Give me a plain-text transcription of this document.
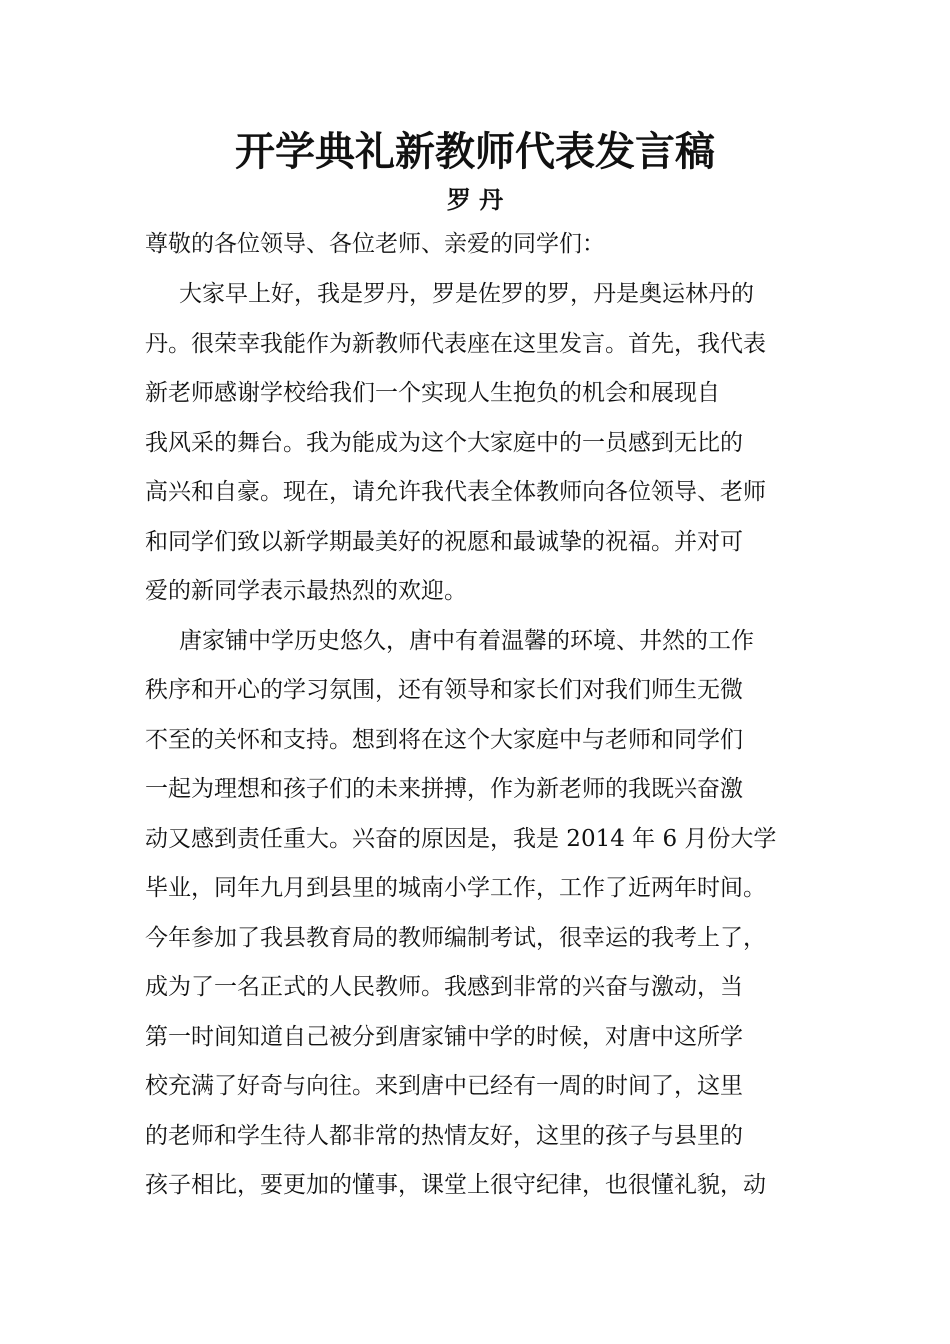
开学典礼新教师代表发言稿
罗 丹
尊敬的各位领导、各位老师、亲爱的同学们：
大家早上好，我是罗丹，罗是佐罗的罗，丹是奥运林丹的
丹。很荣幸我能作为新教师代表座在这里发言。首先，我代表
新老师感谢学校给我们一个实现人生抱负的机会和展现自
我风采的舞台。我为能成为这个大家庭中的一员感到无比的
高兴和自豪。现在，请允许我代表全体教师向各位领导、老师
和同学们致以新学期最美好的祝愿和最诚挚的祝福。并对可
爱的新同学表示最热烈的欢迎。
唐家铺中学历史悠久，唐中有着温馨的环境、井然的工作
秩序和开心的学习氛围，还有领导和家长们对我们师生无微
不至的关怀和支持。想到将在这个大家庭中与老师和同学们
一起为理想和孩子们的未来拼搏，作为新老师的我既兴奋激
动又感到责任重大。兴奋的原因是，我是 2014 年 6 月份大学
毕业，同年九月到县里的城南小学工作，工作了近两年时间。
今年参加了我县教育局的教师编制考试，很幸运的我考上了，
成为了一名正式的人民教师。我感到非常的兴奋与激动，当
第一时间知道自己被分到唐家铺中学的时候，对唐中这所学
校充满了好奇与向往。来到唐中已经有一周的时间了，这里
的老师和学生待人都非常的热情友好，这里的孩子与县里的
孩子相比，要更加的懂事，课堂上很守纪律，也很懂礼貌，动
